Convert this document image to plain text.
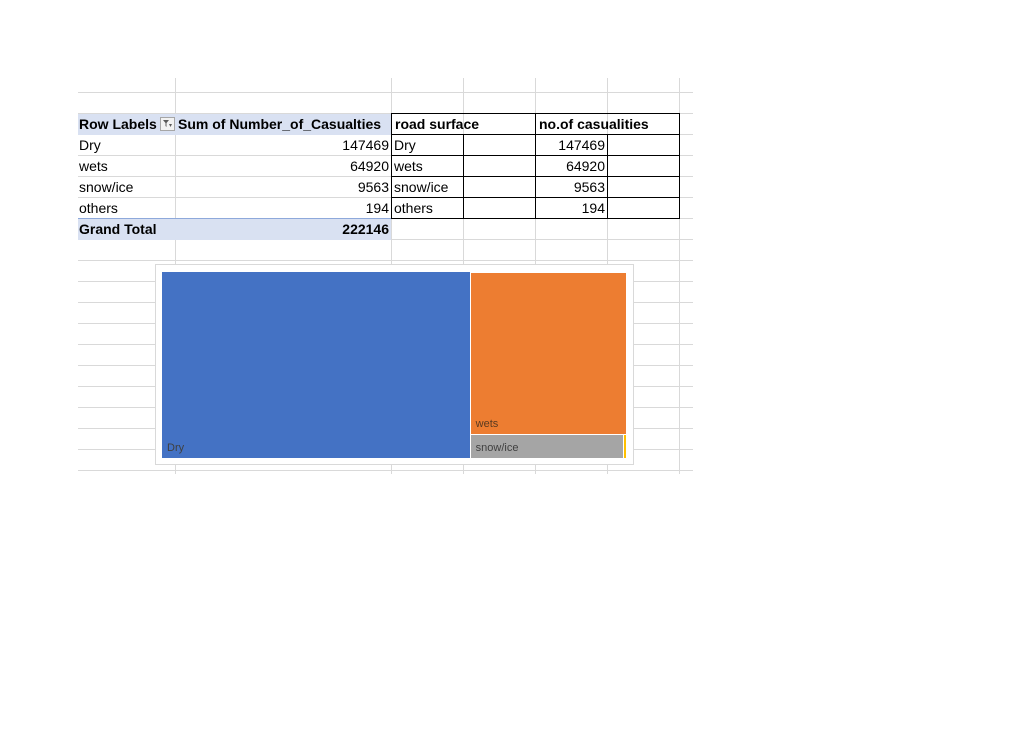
Row Labels	Sum of Number_of_Casualties
Dry	147469
wets	64920
snow/ice	9563
others	194
Grand Total	222146
road surface	no.of casualities
Dry	147469
wets	64920
snow/ice	9563
others	194
Dry
wets
snow/ice
